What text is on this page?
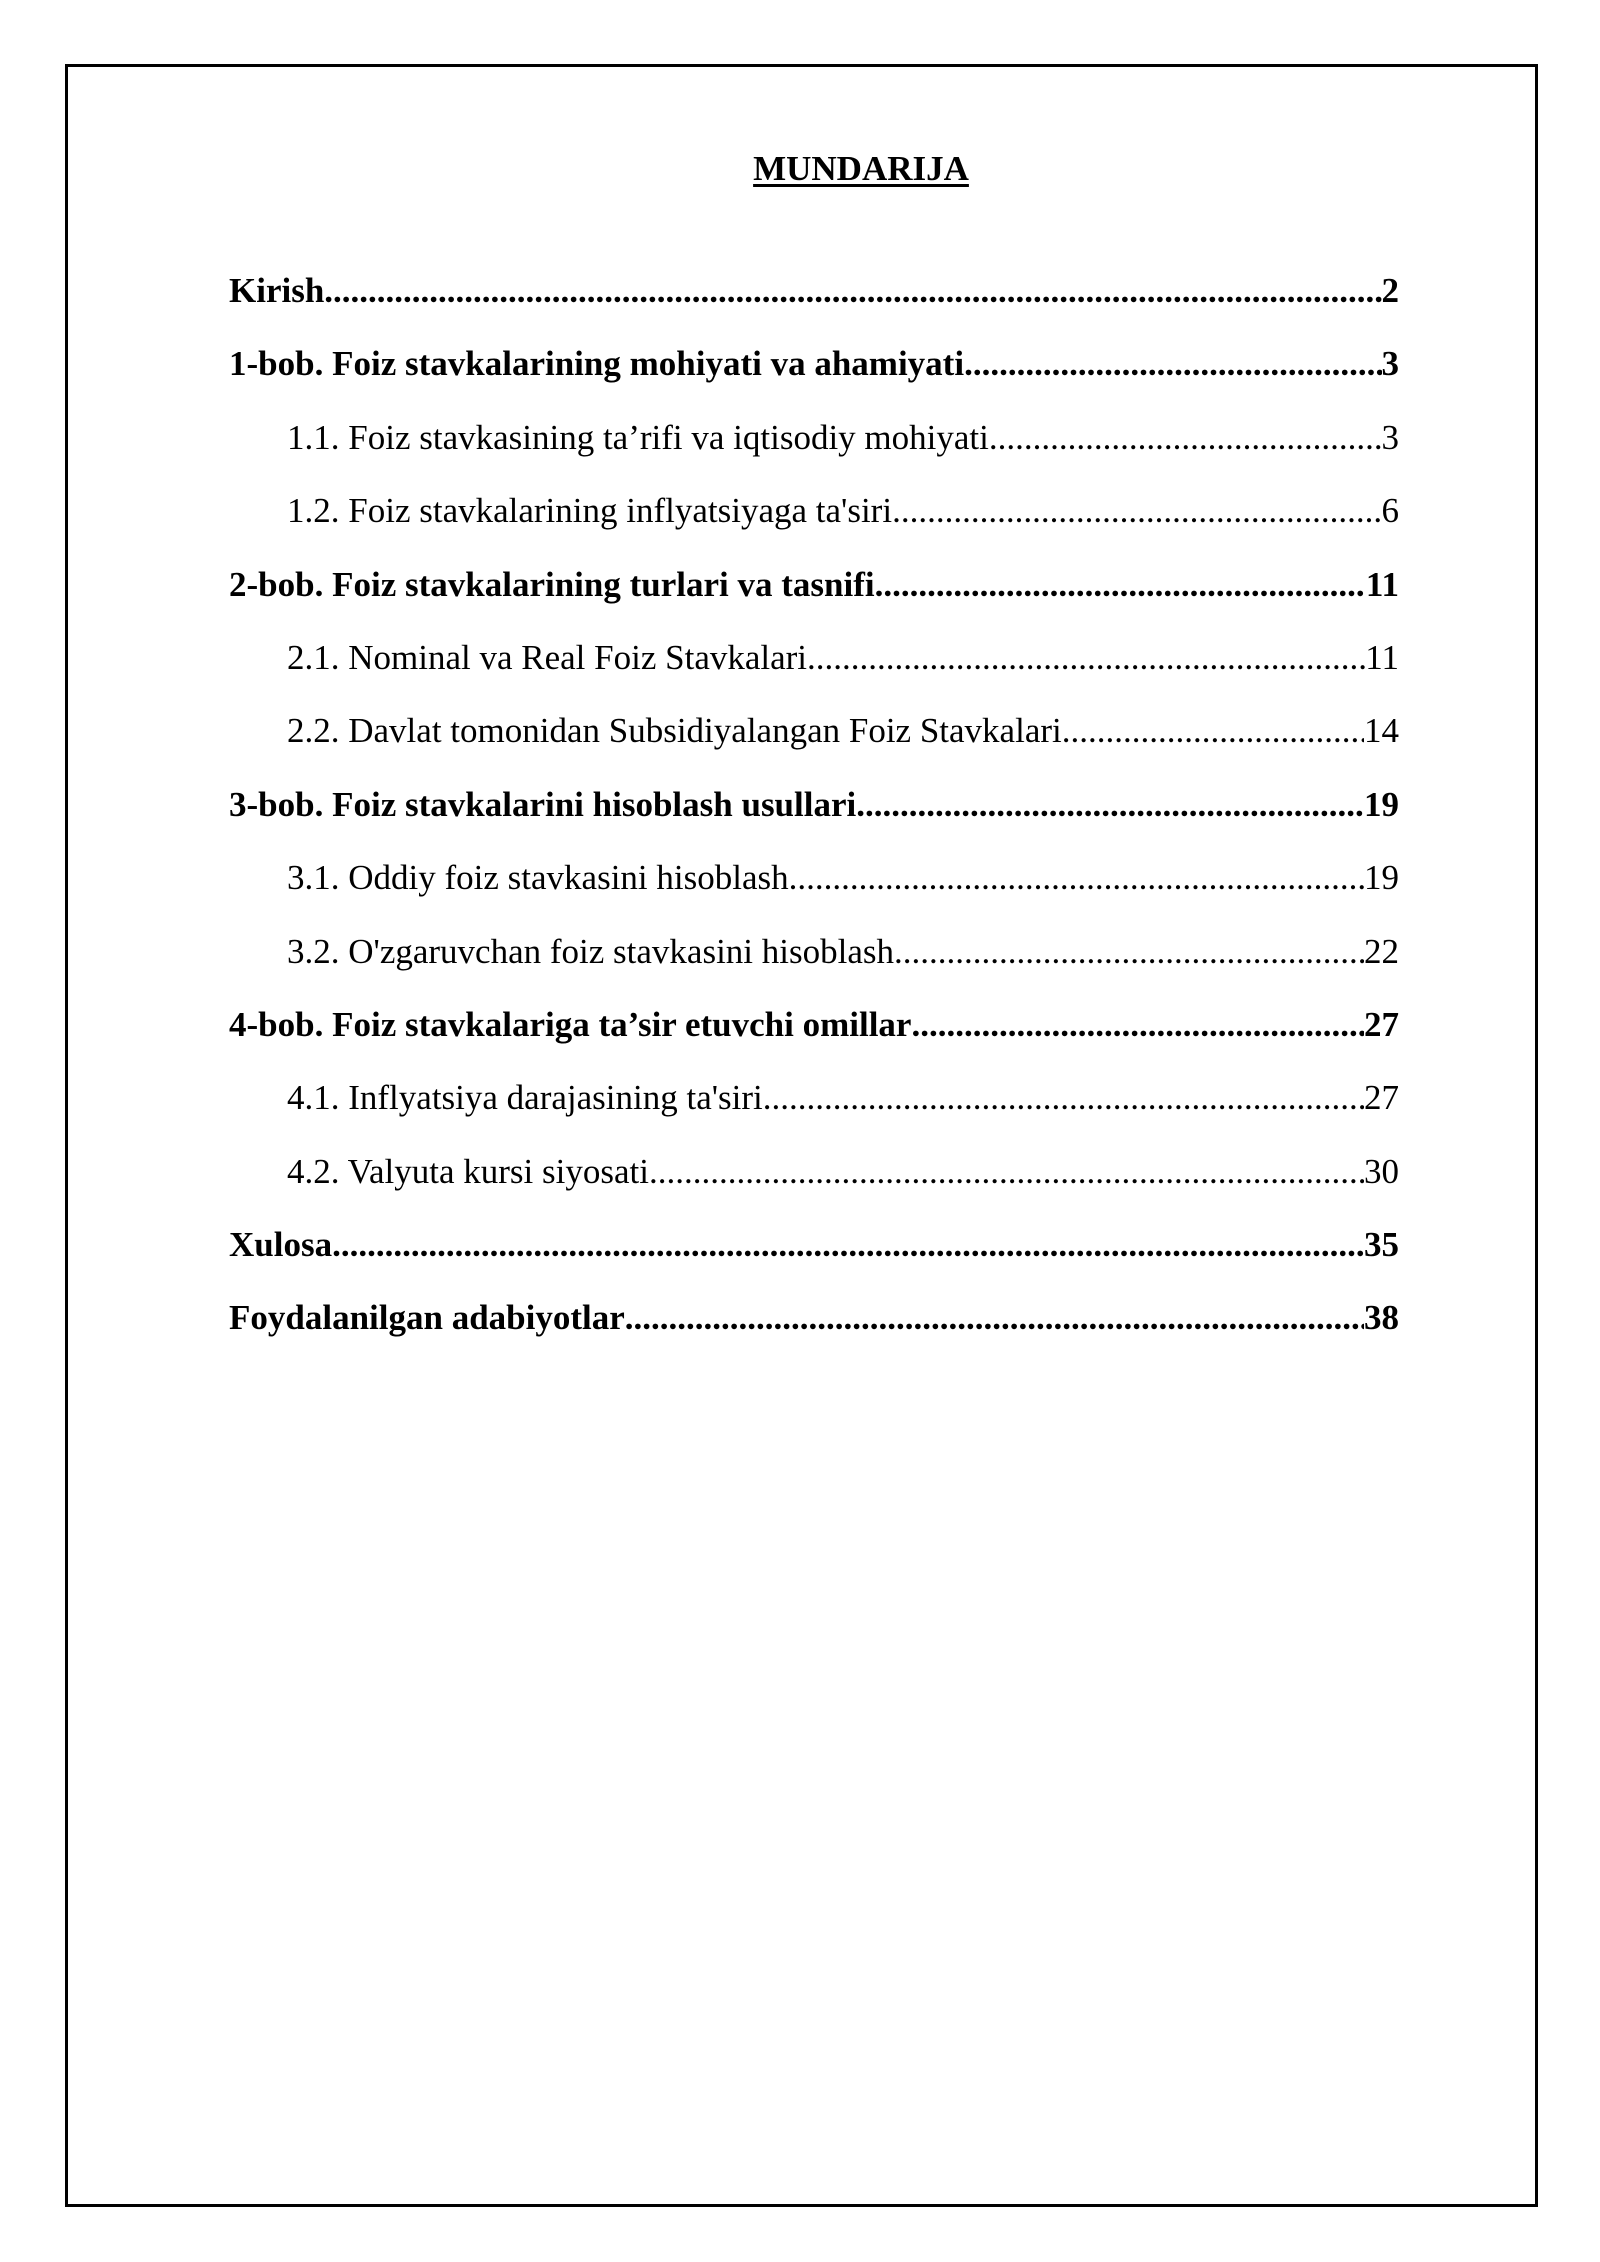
MUNDARIJA
Kirish .....	2
1-bob. Foiz stavkalarining mohiyati va ahamiyati .....	3
1.1. Foiz stavkasining ta’rifi va iqtisodiy mohiyati .....	3
1.2. Foiz stavkalarining inflyatsiyaga ta'siri .....	6
2-bob. Foiz stavkalarining turlari va tasnifi .....	11
2.1. Nominal va Real Foiz Stavkalari .....	11
2.2. Davlat tomonidan Subsidiyalangan Foiz Stavkalari .....	14
3-bob. Foiz stavkalarini hisoblash usullari .....	19
3.1. Oddiy foiz stavkasini hisoblash .....	19
3.2. O'zgaruvchan foiz stavkasini hisoblash .....	22
4-bob. Foiz stavkalariga ta’sir etuvchi omillar .....	27
4.1. Inflyatsiya darajasining ta'siri .....	27
4.2. Valyuta kursi siyosati .....	30
Xulosa .....	35
Foydalanilgan adabiyotlar .....	38
